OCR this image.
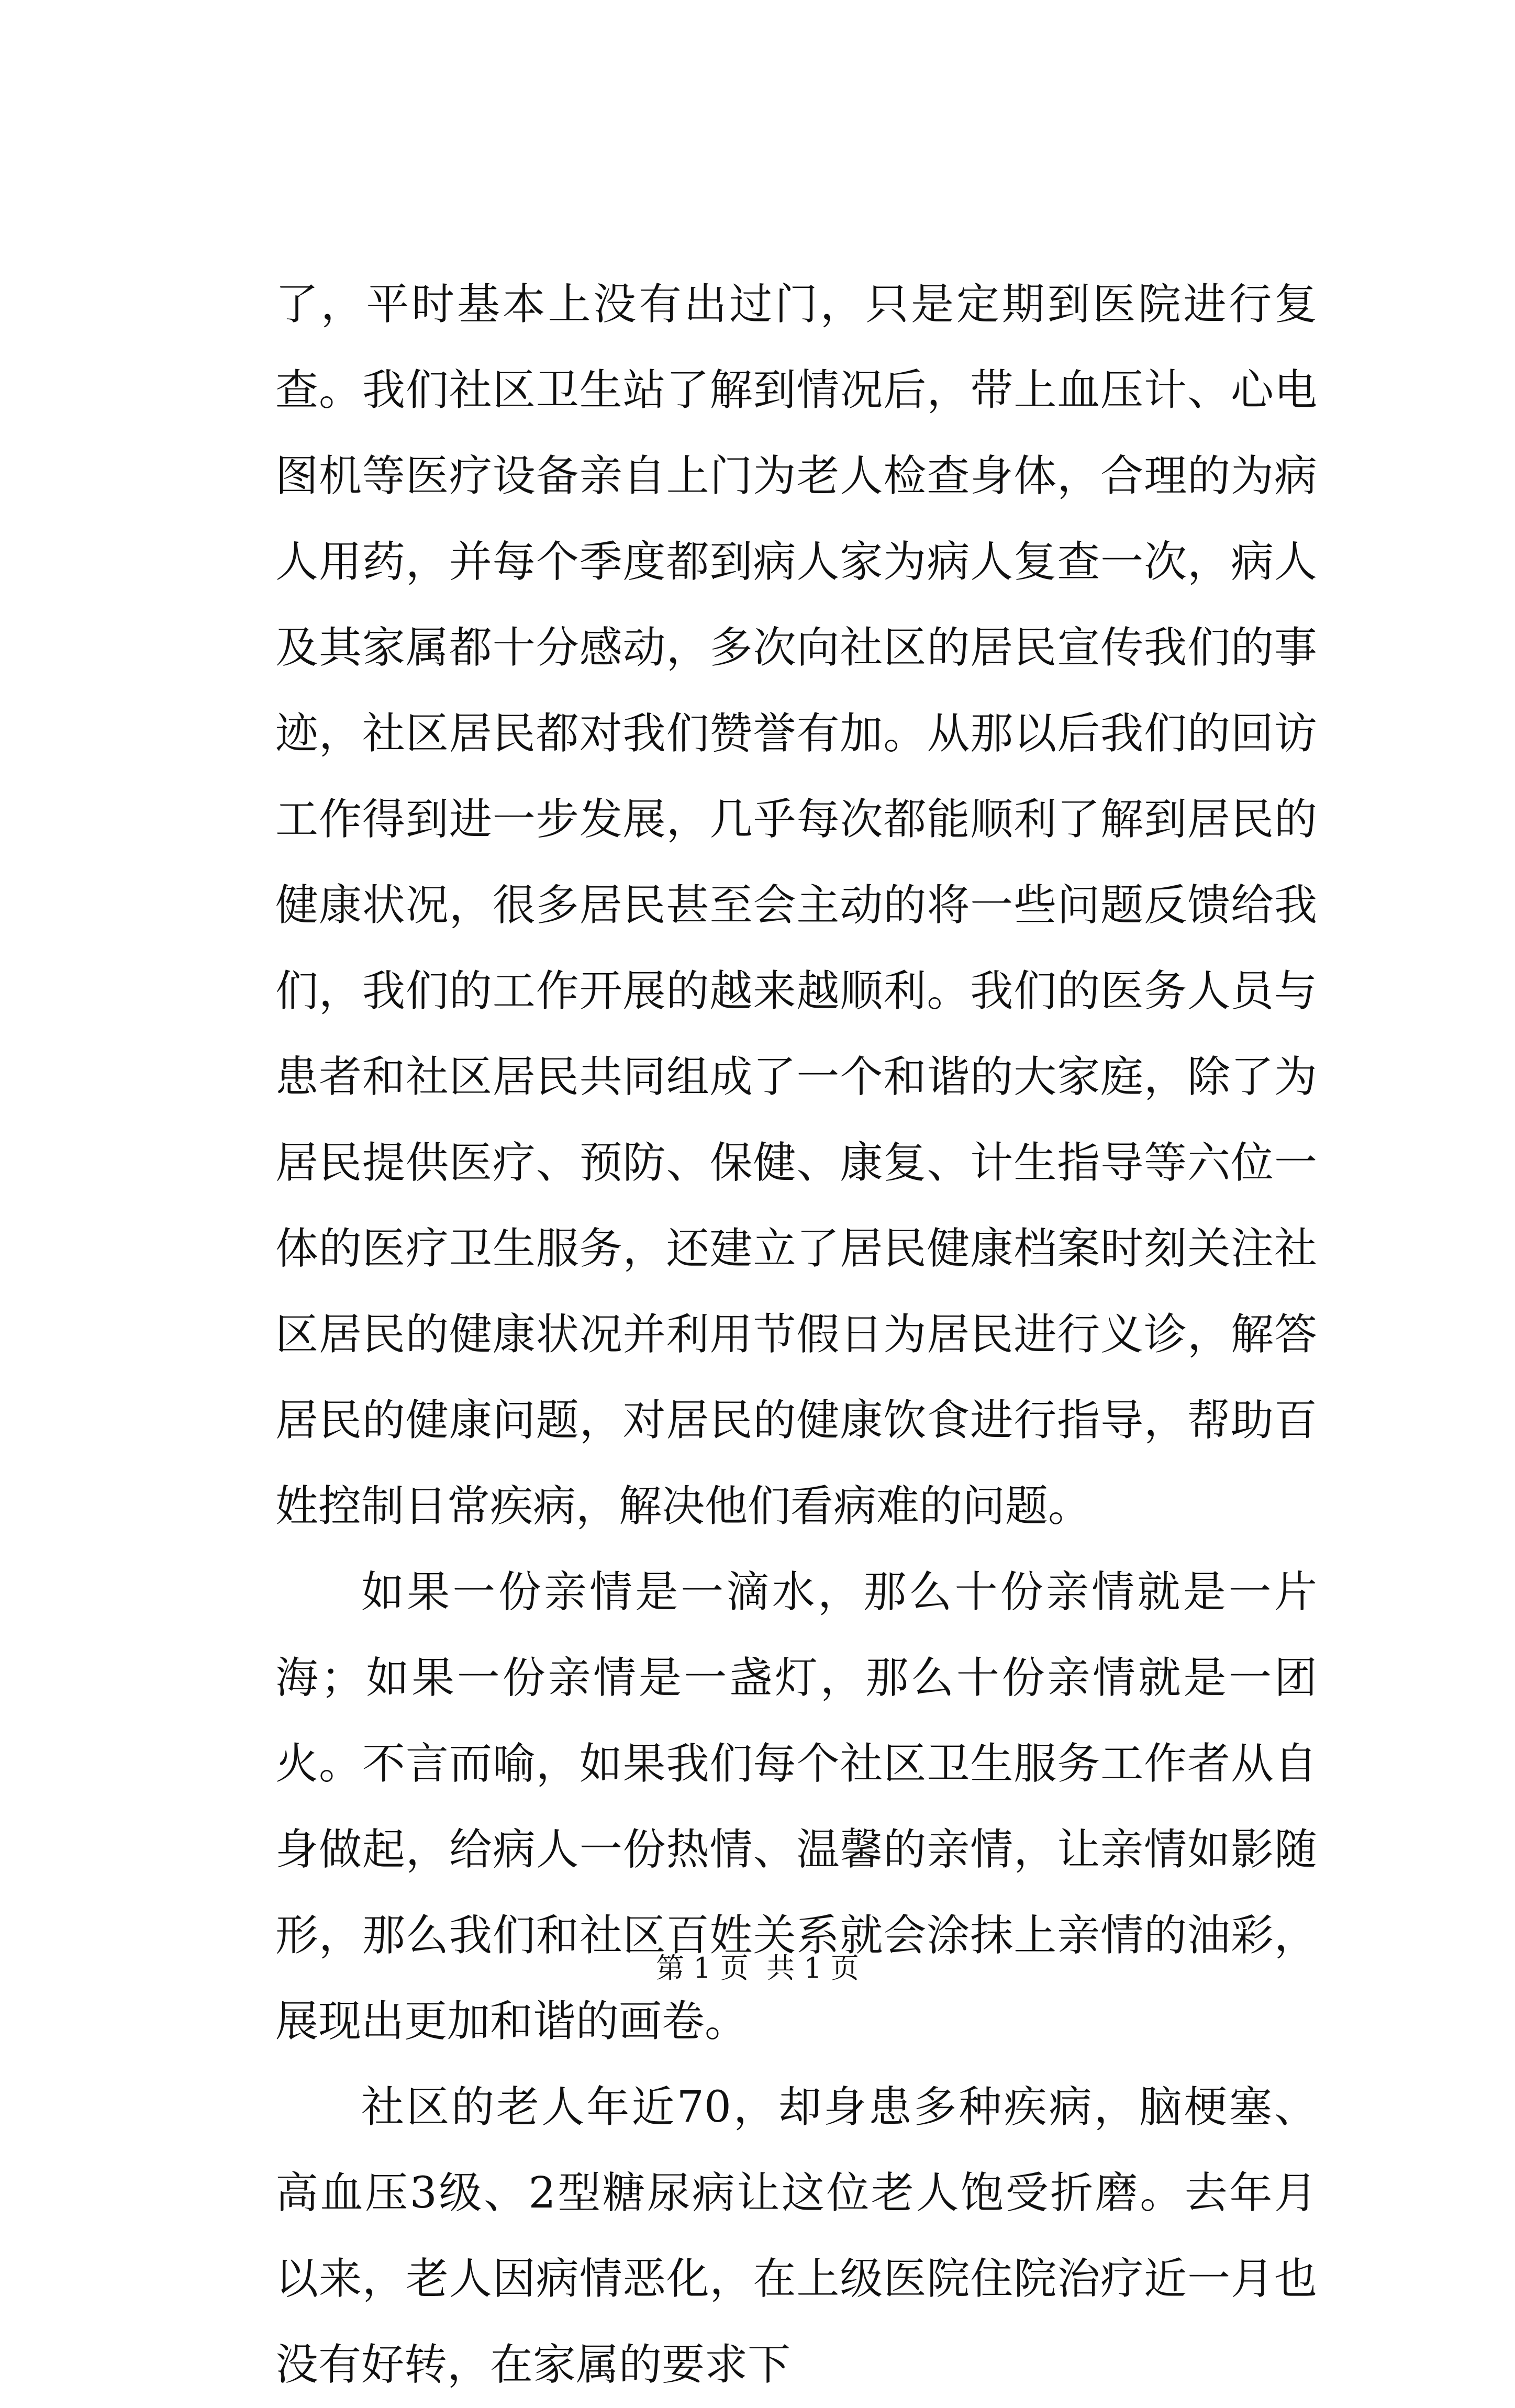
了，平时基本上没有出过门，只是定期到医院进行复查。我们社区卫生站了解到情况后，带上血压计、心电图机等医疗设备亲自上门为老人检查身体，合理的为病人用药，并每个季度都到病人家为病人复查一次，病人及其家属都十分感动，多次向社区的居民宣传我们的事迹，社区居民都对我们赞誉有加。从那以后我们的回访工作得到进一步发展，几乎每次都能顺利了解到居民的健康状况，很多居民甚至会主动的将一些问题反馈给我们，我们的工作开展的越来越顺利。我们的医务人员与患者和社区居民共同组成了一个和谐的大家庭，除了为居民提供医疗、预防、保健、康复、计生指导等六位一体的医疗卫生服务，还建立了居民健康档案时刻关注社区居民的健康状况并利用节假日为居民进行义诊，解答居民的健康问题，对居民的健康饮食进行指导，帮助百姓控制日常疾病，解决他们看病难的问题。

如果一份亲情是一滴水，那么十份亲情就是一片海；如果一份亲情是一盏灯，那么十份亲情就是一团火。不言而喻，如果我们每个社区卫生服务工作者从自身做起，给病人一份热情、温馨的亲情，让亲情如影随形，那么我们和社区百姓关系就会涂抹上亲情的油彩，展现出更加和谐的画卷。

社区的老人年近70，却身患多种疾病，脑梗塞、高血压3级、2型糖尿病让这位老人饱受折磨。去年月以来，老人因病情恶化，在上级医院住院治疗近一月也没有好转，在家属的要求下

第 1 页  共 1 页
